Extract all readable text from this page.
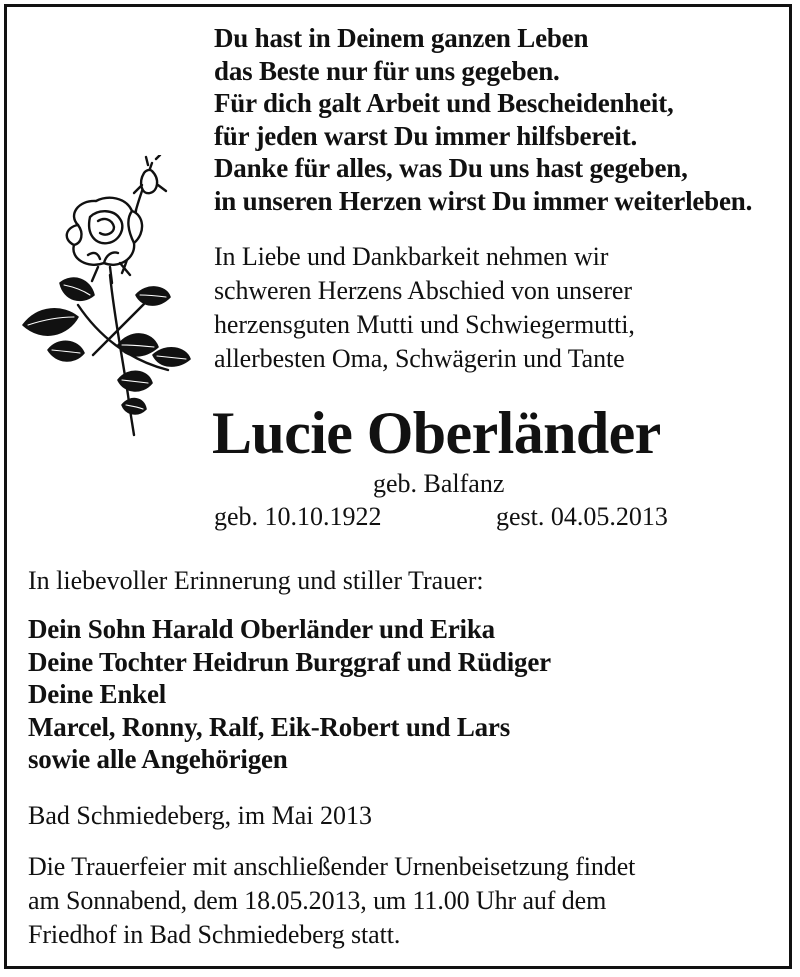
Du hast in Deinem ganzen Leben
das Beste nur für uns gegeben.
Für dich galt Arbeit und Bescheidenheit,
für jeden warst Du immer hilfsbereit.
Danke für alles, was Du uns hast gegeben,
in unseren Herzen wirst Du immer weiterleben.
In Liebe und Dankbarkeit nehmen wir
schweren Herzens Abschied von unserer
herzensguten Mutti und Schwiegermutti,
allerbesten Oma, Schwägerin und Tante
Lucie Oberländer
geb. Balfanz
geb. 10.10.1922	gest. 04.05.2013
In liebevoller Erinnerung und stiller Trauer:
Dein Sohn Harald Oberländer und Erika
Deine Tochter Heidrun Burggraf und Rüdiger
Deine Enkel
Marcel, Ronny, Ralf, Eik-Robert und Lars
sowie alle Angehörigen
Bad Schmiedeberg, im Mai 2013
Die Trauerfeier mit anschließender Urnenbeisetzung findet
am Sonnabend, dem 18.05.2013, um 11.00 Uhr auf dem
Friedhof in Bad Schmiedeberg statt.
